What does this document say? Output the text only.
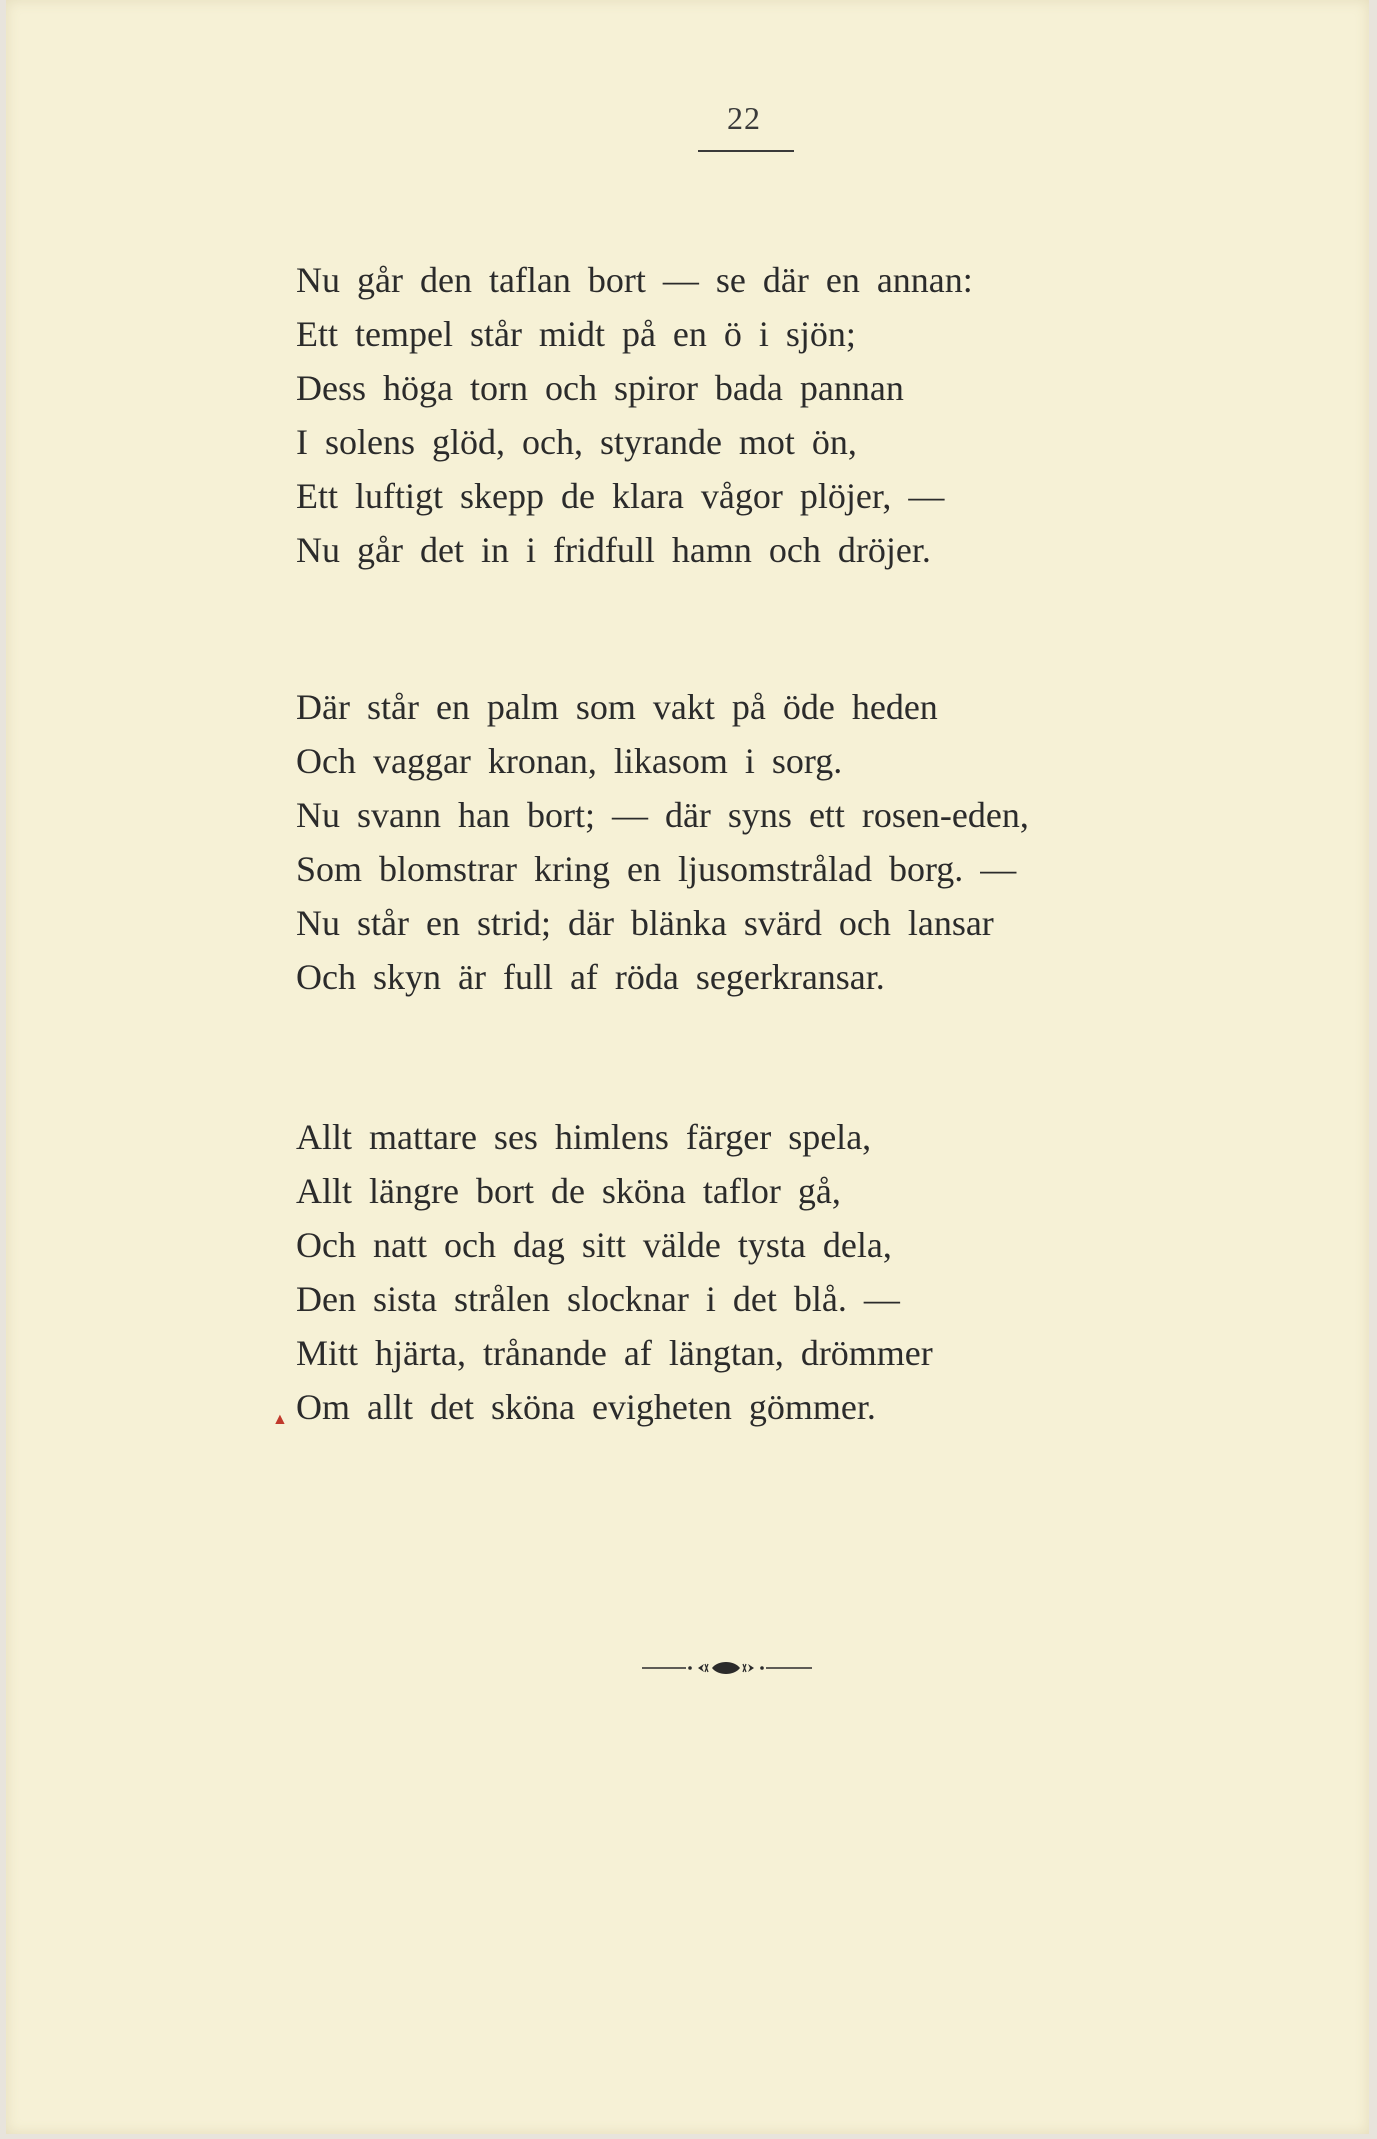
22
Nu går den taflan bort — se där en annan:
Ett tempel står midt på en ö i sjön;
Dess höga torn och spiror bada pannan
I solens glöd, och, styrande mot ön,
Ett luftigt skepp de klara vågor plöjer, —
Nu går det in i fridfull hamn och dröjer.
Där står en palm som vakt på öde heden
Och vaggar kronan, likasom i sorg.
Nu svann han bort; — där syns ett rosen-eden,
Som blomstrar kring en ljusomstrålad borg. —
Nu står en strid; där blänka svärd och lansar
Och skyn är full af röda segerkransar.
Allt mattare ses himlens färger spela,
Allt längre bort de sköna taflor gå,
Och natt och dag sitt välde tysta dela,
Den sista strålen slocknar i det blå. —
Mitt hjärta, trånande af längtan, drömmer
Om allt det sköna evigheten gömmer.
▲
